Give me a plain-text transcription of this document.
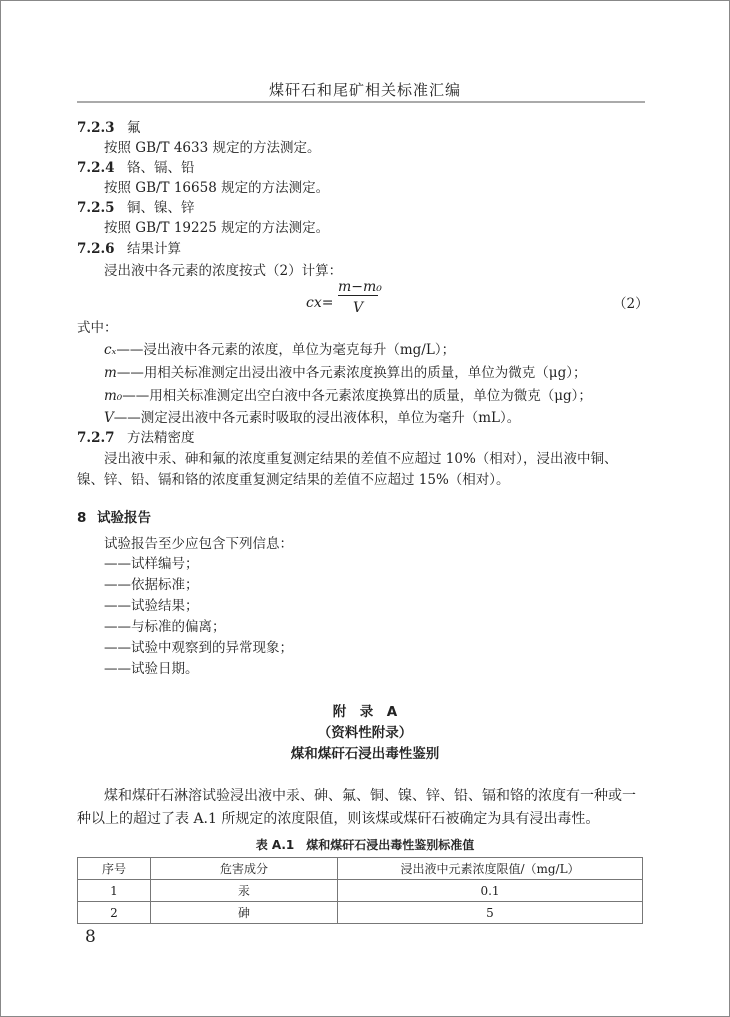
煤矸石和尾矿相关标准汇编
7.2.3 氟
按照 GB/T 4633 规定的方法测定。
7.2.4 铬、镉、铅
按照 GB/T 16658 规定的方法测定。
7.2.5 铜、镍、锌
按照 GB/T 19225 规定的方法测定。
7.2.6 结果计算
浸出液中各元素的浓度按式（2）计算：
cx=
m−m₀
V	（2）
式中：
cₓ——浸出液中各元素的浓度，单位为毫克每升（mg/L）；
m——用相关标准测定出浸出液中各元素浓度换算出的质量，单位为微克（μg）；
m₀——用相关标准测定出空白液中各元素浓度换算出的质量，单位为微克（μg）；
V——测定浸出液中各元素时吸取的浸出液体积，单位为毫升（mL）。
7.2.7 方法精密度
浸出液中汞、砷和氟的浓度重复测定结果的差值不应超过 10%（相对），浸出液中铜、
镍、锌、铅、镉和铬的浓度重复测定结果的差值不应超过 15%（相对）。
8 试验报告
试验报告至少应包含下列信息：
——试样编号；
——依据标准；
——试验结果；
——与标准的偏离；
——试验中观察到的异常现象；
——试验日期。
附　录　A
（资料性附录）
煤和煤矸石浸出毒性鉴别
煤和煤矸石淋溶试验浸出液中汞、砷、氟、铜、镍、锌、铅、镉和铬的浓度有一种或一
种以上的超过了表 A.1 所规定的浓度限值，则该煤或煤矸石被确定为具有浸出毒性。
表 A.1　煤和煤矸石浸出毒性鉴别标准值
序号	危害成分	浸出液中元素浓度限值/（mg/L）
1	汞	0.1
2	砷	5
8
